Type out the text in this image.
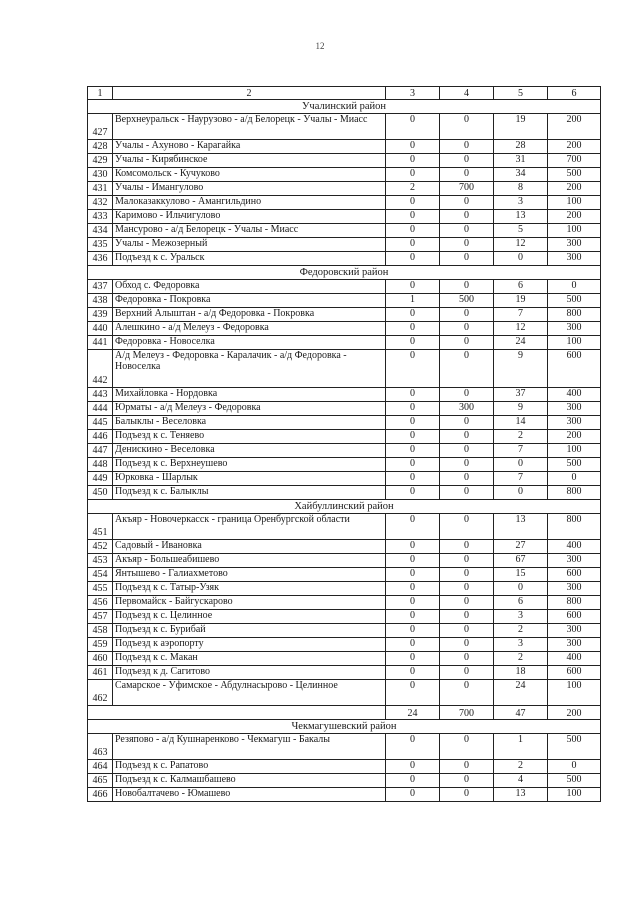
12
1	2	3	4	5	6
Учалинский район					
427	Верхнеуральск - Наурузово - а/д Белорецк - Учалы - Миасс	0	0	19	200
428	Учалы - Ахуново - Карагайка	0	0	28	200
429	Учалы - Кирябинское	0	0	31	700
430	Комсомольск - Кучуково	0	0	34	500
431	Учалы - Имангулово	2	700	8	200
432	Малоказаккулово - Амангильдино	0	0	3	100
433	Каримово - Ильчигулово	0	0	13	200
434	Мансурово - а/д Белорецк - Учалы - Миасс	0	0	5	100
435	Учалы - Межозерный	0	0	12	300
436	Подъезд к с. Уральск	0	0	0	300
Федоровский район					
437	Обход с. Федоровка	0	0	6	0
438	Федоровка - Покровка	1	500	19	500
439	Верхний Алыштан - а/д Федоровка - Покровка	0	0	7	800
440	Алешкино - а/д Мелеуз - Федоровка	0	0	12	300
441	Федоровка - Новоселка	0	0	24	100
442	А/д Мелеуз - Федоровка - Каралачик - а/д Федоровка - Новоселка	0	0	9	600
443	Михайловка - Нордовка	0	0	37	400
444	Юрматы - а/д Мелеуз - Федоровка	0	300	9	300
445	Балыклы - Веселовка	0	0	14	300
446	Подъезд к с. Теняево	0	0	2	200
447	Денискино - Веселовка	0	0	7	100
448	Подъезд к с. Верхнеушево	0	0	0	500
449	Юрковка - Шарлык	0	0	7	0
450	Подъезд к с. Балыклы	0	0	0	800
Хайбуллинский район					
451	Акъяр - Новочеркасск - граница Оренбургской области	0	0	13	800
452	Садовый - Ивановка	0	0	27	400
453	Акъяр - Большеабишево	0	0	67	300
454	Янтышево - Галиахметово	0	0	15	600
455	Подъезд к с. Татыр-Узяк	0	0	0	300
456	Первомайск - Байгускарово	0	0	6	800
457	Подъезд к с. Целинное	0	0	3	600
458	Подъезд к с. Бурибай	0	0	2	300
459	Подъезд к аэропорту	0	0	3	300
460	Подъезд к с. Макан	0	0	2	400
461	Подъезд к д. Сагитово	0	0	18	600
462	Самарское - Уфимское - Абдулнасырово - Целинное	0	0	24	100
		24	700	47	200
Чекмагушевский район					
463	Резяпово - а/д Кушнаренково - Чекмагуш - Бакалы	0	0	1	500
464	Подъезд к с. Рапатово	0	0	2	0
465	Подъезд к с. Калмашбашево	0	0	4	500
466	Новобалтачево - Юмашево	0	0	13	100
